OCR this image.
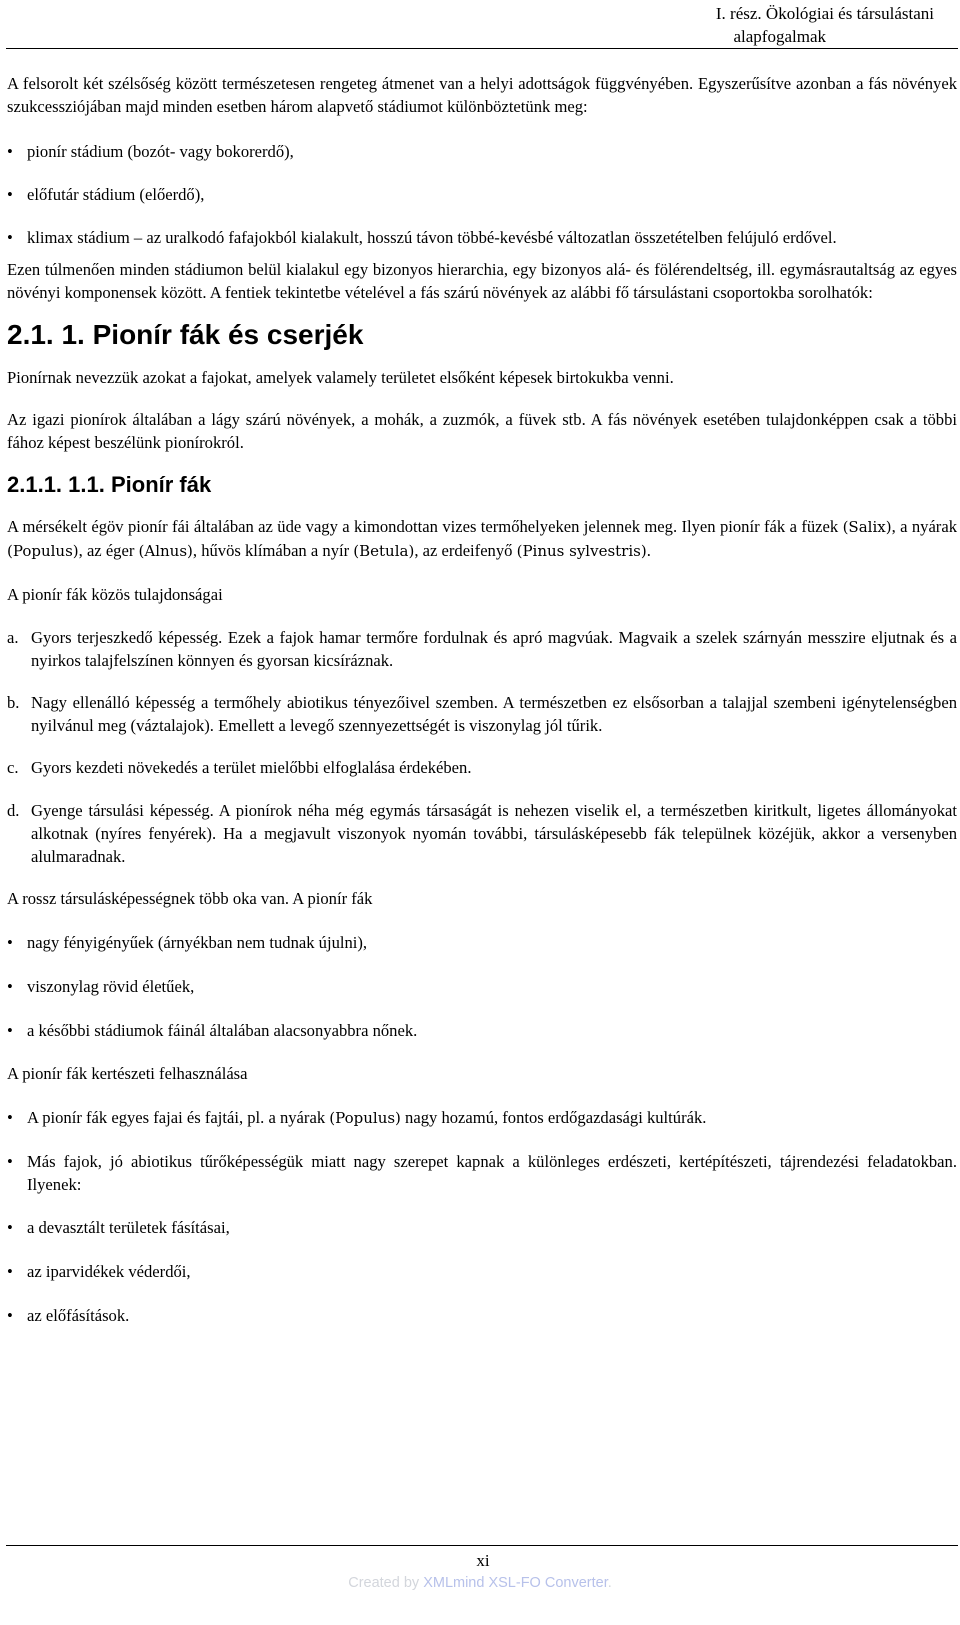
I. rész. Ökológiai és társulástani
alapfogalmak

A felsorolt két szélsőség között természetesen rengeteg átmenet van a helyi adottságok függvényében. Egyszerűsítve azonban a fás növények szukcessziójában majd minden esetben három alapvető stádiumot különböztetünk meg:

• pionír stádium (bozót- vagy bokorerdő),
• előfutár stádium (előerdő),
• klimax stádium – az uralkodó fafajokból kialakult, hosszú távon többé-kevésbé változatlan összetételben felújuló erdővel.

Ezen túlmenően minden stádiumon belül kialakul egy bizonyos hierarchia, egy bizonyos alá- és fölérendeltség, ill. egymásrautaltság az egyes növényi komponensek között. A fentiek tekintetbe vételével a fás szárú növények az alábbi fő társulástani csoportokba sorolhatók:

2.1. 1. Pionír fák és cserjék

Pionírnak nevezzük azokat a fajokat, amelyek valamely területet elsőként képesek birtokukba venni.

Az igazi pionírok általában a lágy szárú növények, a mohák, a zuzmók, a füvek stb. A fás növények esetében tulajdonképpen csak a többi fához képest beszélünk pionírokról.

2.1.1. 1.1. Pionír fák

A mérsékelt égöv pionír fái általában az üde vagy a kimondottan vizes termőhelyeken jelennek meg. Ilyen pionír fák a füzek (Salix), a nyárak (Populus), az éger (Alnus), hűvös klímában a nyír (Betula), az erdeifenyő (Pinus sylvestris).

A pionír fák közös tulajdonságai

a. Gyors terjeszkedő képesség. Ezek a fajok hamar termőre fordulnak és apró magvúak. Magvaik a szelek szárnyán messzire eljutnak és a nyirkos talajfelszínen könnyen és gyorsan kicsíráznak.
b. Nagy ellenálló képesség a termőhely abiotikus tényezőivel szemben. A természetben ez elsősorban a talajjal szembeni igénytelenségben nyilvánul meg (váztalajok). Emellett a levegő szennyezettségét is viszonylag jól tűrik.
c. Gyors kezdeti növekedés a terület mielőbbi elfoglalása érdekében.
d. Gyenge társulási képesség. A pionírok néha még egymás társaságát is nehezen viselik el, a természetben kiritkult, ligetes állományokat alkotnak (nyíres fenyérek). Ha a megjavult viszonyok nyomán további, társulásképesebb fák települnek közéjük, akkor a versenyben alulmaradnak.

A rossz társulásképességnek több oka van. A pionír fák

• nagy fényigényűek (árnyékban nem tudnak újulni),
• viszonylag rövid életűek,
• a későbbi stádiumok fáinál általában alacsonyabbra nőnek.

A pionír fák kertészeti felhasználása

• A pionír fák egyes fajai és fajtái, pl. a nyárak (Populus) nagy hozamú, fontos erdőgazdasági kultúrák.
• Más fajok, jó abiotikus tűrőképességük miatt nagy szerepet kapnak a különleges erdészeti, kertépítészeti, tájrendezési feladatokban. Ilyenek:
• a devasztált területek fásításai,
• az iparvidékek véderdői,
• az előfásítások.
xi
Created by XMLmind XSL-FO Converter.
